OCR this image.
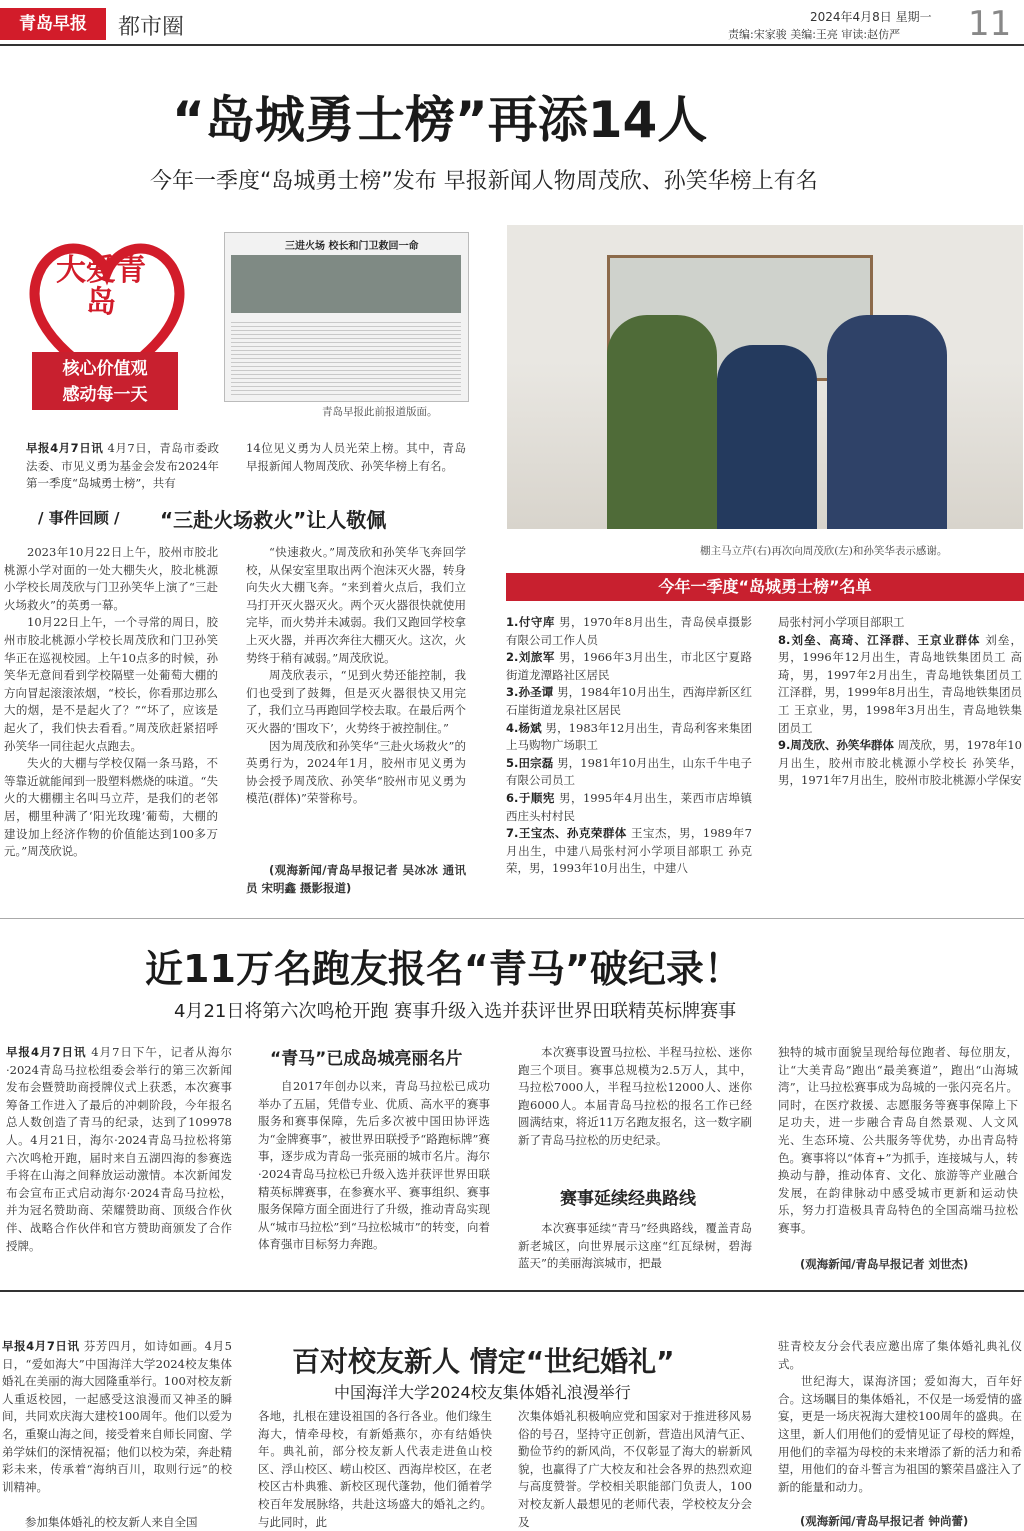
青岛早报	都市圈	2024年4月8日 星期一
责编:宋家骏 美编:王亮 审读:赵仿严 11
“岛城勇士榜”再添14人
今年一季度“岛城勇士榜”发布 早报新闻人物周茂欣、孙笑华榜上有名
大爱青岛
核心价值观
感动每一天
三进火场 校长和门卫救回一命
青岛早报此前报道版面。
早报4月7日讯 4月7日，青岛市委政法委、市见义勇为基金会发布2024年第一季度“岛城勇士榜”，共有
14位见义勇为人员光荣上榜。其中，青岛早报新闻人物周茂欣、孙笑华榜上有名。
/ 事件回顾 / “三赴火场救火”让人敬佩

2023年10月22日上午，胶州市胶北桃源小学对面的一处大棚失火，胶北桃源小学校长周茂欣与门卫孙笑华上演了“三赴火场救火”的英勇一幕。

10月22日上午，一个寻常的周日，胶州市胶北桃源小学校长周茂欣和门卫孙笑华正在巡视校园。上午10点多的时候，孙笑华无意间看到学校隔壁一处葡萄大棚的方向冒起滚滚浓烟，“校长，你看那边那么大的烟，是不是起火了？”“坏了，应该是起火了，我们快去看看。”周茂欣赶紧招呼孙笑华一同往起火点跑去。

失火的大棚与学校仅隔一条马路，不等靠近就能闻到一股塑料燃烧的味道。“失火的大棚棚主名叫马立芹，是我们的老邻居，棚里种满了‘阳光玫瑰’葡萄，大棚的建设加上经济作物的价值能达到100多万元。”周茂欣说。

“快速救火。”周茂欣和孙笑华飞奔回学校，从保安室里取出两个泡沫灭火器，转身向失火大棚飞奔。“来到着火点后，我们立马打开灭火器灭火。两个灭火器很快就使用完毕，而火势并未减弱。我们又跑回学校拿上灭火器，并再次奔往大棚灭火。这次，火势终于稍有减弱。”周茂欣说。

周茂欣表示，“见到火势还能控制，我们也受到了鼓舞，但是灭火器很快又用完了，我们立马再跑回学校去取。在最后两个灭火器的‘围攻下’，火势终于被控制住。”

因为周茂欣和孙笑华“三赴火场救火”的英勇行为，2024年1月，胶州市见义勇为协会授予周茂欣、孙笑华“胶州市见义勇为模范(群体)”荣誉称号。

(观海新闻/青岛早报记者 吴冰冰 通讯员 宋明鑫 摄影报道)
棚主马立芹(右)再次向周茂欣(左)和孙笑华表示感谢。
今年一季度“岛城勇士榜”名单
1.付守库 男，1970年8月出生，青岛侯卓摄影有限公司工作人员
2.刘旅军 男，1966年3月出生，市北区宁夏路街道龙潭路社区居民
3.孙圣谭 男，1984年10月出生，西海岸新区红石崖街道龙泉社区居民
4.杨斌 男，1983年12月出生，青岛利客来集团上马购物广场职工
5.田宗磊 男，1981年10月出生，山东千牛电子有限公司员工
6.于顺宪 男，1995年4月出生，莱西市店埠镇西庄头村村民
7.王宝杰、孙克荣群体 王宝杰，男，1989年7月出生，中建八局张村河小学项目部职工 孙克荣，男，1993年10月出生，中建八
局张村河小学项目部职工
8.刘垒、高琦、江泽群、王京业群体 刘垒，男，1996年12月出生，青岛地铁集团员工 高琦，男，1997年2月出生，青岛地铁集团员工 江泽群，男，1999年8月出生，青岛地铁集团员工 王京业，男，1998年3月出生，青岛地铁集团员工
9.周茂欣、孙笑华群体 周茂欣，男，1978年10月出生，胶州市胶北桃源小学校长 孙笑华，男，1971年7月出生，胶州市胶北桃源小学保安
近11万名跑友报名“青马”破纪录！
4月21日将第六次鸣枪开跑 赛事升级入选并获评世界田联精英标牌赛事
早报4月7日讯 4月7日下午，记者从海尔·2024青岛马拉松组委会举行的第三次新闻发布会暨赞助商授牌仪式上获悉，本次赛事筹备工作进入了最后的冲刺阶段，今年报名总人数创造了青马的纪录，达到了109978人。4月21日，海尔·2024青岛马拉松将第六次鸣枪开跑，届时来自五湖四海的参赛选手将在山海之间释放运动激情。本次新闻发布会宣布正式启动海尔·2024青岛马拉松，并为冠名赞助商、荣耀赞助商、顶级合作伙伴、战略合作伙伴和官方赞助商颁发了合作授牌。
“青马”已成岛城亮丽名片

自2017年创办以来，青岛马拉松已成功举办了五届，凭借专业、优质、高水平的赛事服务和赛事保障，先后多次被中国田协评选为“金牌赛事”，被世界田联授予“路跑标牌”赛事，逐步成为青岛一张亮丽的城市名片。海尔·2024青岛马拉松已升级入选并获评世界田联精英标牌赛事，在参赛水平、赛事组织、赛事服务保障方面全面进行了升级，推动青岛实现从“城市马拉松”到“马拉松城市”的转变，向着体育强市目标努力奔跑。

本次赛事设置马拉松、半程马拉松、迷你跑三个项目。赛事总规模为2.5万人，其中，马拉松7000人，半程马拉松12000人、迷你跑6000人。本届青岛马拉松的报名工作已经圆满结束，将近11万名跑友报名，这一数字刷新了青岛马拉松的历史纪录。

赛事延续经典路线

本次赛事延续“青马”经典路线，覆盖青岛新老城区，向世界展示这座“红瓦绿树，碧海蓝天”的美丽海滨城市，把最

独特的城市面貌呈现给每位跑者、每位朋友，让“大美青岛”跑出“最美赛道”，跑出“山海城湾”，让马拉松赛事成为岛城的一张闪亮名片。同时，在医疗救援、志愿服务等赛事保障上下足功夫，进一步融合青岛自然景观、人文风光、生态环境、公共服务等优势，办出青岛特色。赛事将以“体育+”为抓手，连接城与人，转换动与静，推动体育、文化、旅游等产业融合发展，在韵律脉动中感受城市更新和运动快乐，努力打造极具青岛特色的全国高端马拉松赛事。
(观海新闻/青岛早报记者 刘世杰)
百对校友新人 情定“世纪婚礼”
中国海洋大学2024校友集体婚礼浪漫举行
早报4月7日讯 芬芳四月，如诗如画。4月5日，“爱如海大”中国海洋大学2024校友集体婚礼在美丽的海大园隆重举行。100对校友新人重返校园，一起感受这浪漫而又神圣的瞬间，共同欢庆海大建校100周年。他们以爱为名，重聚山海之间，接受着来自师长同窗、学弟学妹们的深情祝福；他们以校为荣，奔赴精彩未来，传承着“海纳百川，取则行远”的校训精神。

参加集体婚礼的校友新人来自全国

各地，扎根在建设祖国的各行各业。他们缘生海大，情牵母校，有新婚燕尔，亦有结婚快年。典礼前，部分校友新人代表走进鱼山校区、浮山校区、崂山校区、西海岸校区，在老校区古朴典雅、新校区现代蓬勃，他们循着学校百年发展脉络，共赴这场盛大的婚礼之约。与此同时，此
次集体婚礼积极响应党和国家对于推进移风易俗的号召，坚持守正创新，营造出风清气正、勤俭节约的新风尚，不仅彰显了海大的崭新风貌，也赢得了广大校友和社会各界的热烈欢迎与高度赞誉。学校相关职能部门负责人，100对校友新人最想见的老师代表，学校校友分会及
驻青校友分会代表应邀出席了集体婚礼典礼仪式。

世纪海大，谋海济国；爱如海大，百年好合。这场瞩目的集体婚礼，不仅是一场爱情的盛宴，更是一场庆祝海大建校100周年的盛典。在这里，新人们用他们的爱情见证了母校的辉煌，用他们的幸福为母校的未来增添了新的活力和希望，用他们的奋斗誓言为祖国的繁荣昌盛注入了新的能量和动力。

(观海新闻/青岛早报记者 钟尚蕾)
